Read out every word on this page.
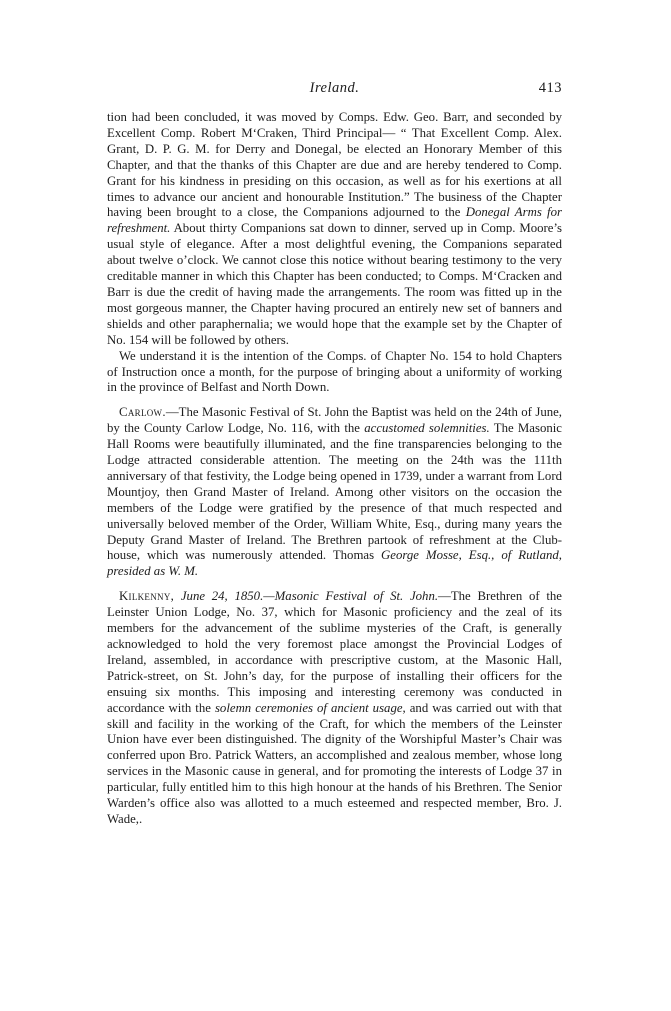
Ireland.	413

tion had been concluded, it was moved by Comps. Edw. Geo. Barr, and seconded by Excellent Comp. Robert M‘Craken, Third Principal— “ That Excellent Comp. Alex. Grant, D. P. G. M. for Derry and Donegal, be elected an Honorary Member of this Chapter, and that the thanks of this Chapter are due and are hereby tendered to Comp. Grant for his kindness in presiding on this occasion, as well as for his exertions at all times to advance our ancient and honourable Institution.” The business of the Chapter having been brought to a close, the Companions adjourned to the Donegal Arms for refreshment. About thirty Companions sat down to dinner, served up in Comp. Moore’s usual style of elegance. After a most delightful evening, the Companions separated about twelve o’clock. We cannot close this notice without bearing testimony to the very creditable manner in which this Chapter has been conducted; to Comps. M‘Cracken and Barr is due the credit of having made the arrangements. The room was fitted up in the most gorgeous manner, the Chapter having procured an entirely new set of banners and shields and other paraphernalia; we would hope that the example set by the Chapter of No. 154 will be followed by others.

We understand it is the intention of the Comps. of Chapter No. 154 to hold Chapters of Instruction once a month, for the purpose of bringing about a uniformity of working in the province of Belfast and North Down.

Carlow.—The Masonic Festival of St. John the Baptist was held on the 24th of June, by the County Carlow Lodge, No. 116, with the accustomed solemnities. The Masonic Hall Rooms were beautifully illuminated, and the fine transparencies belonging to the Lodge attracted considerable attention. The meeting on the 24th was the 111th anniversary of that festivity, the Lodge being opened in 1739, under a warrant from Lord Mountjoy, then Grand Master of Ireland. Among other visitors on the occasion the members of the Lodge were gratified by the presence of that much respected and universally beloved member of the Order, William White, Esq., during many years the Deputy Grand Master of Ireland. The Brethren partook of refreshment at the Club-house, which was numerously attended. Thomas George Mosse, Esq., of Rutland, presided as W. M.

Kilkenny, June 24, 1850.—Masonic Festival of St. John.—The Brethren of the Leinster Union Lodge, No. 37, which for Masonic proficiency and the zeal of its members for the advancement of the sublime mysteries of the Craft, is generally acknowledged to hold the very foremost place amongst the Provincial Lodges of Ireland, assembled, in accordance with prescriptive custom, at the Masonic Hall, Patrick-street, on St. John’s day, for the purpose of installing their officers for the ensuing six months. This imposing and interesting ceremony was conducted in accordance with the solemn ceremonies of ancient usage, and was carried out with that skill and facility in the working of the Craft, for which the members of the Leinster Union have ever been distinguished. The dignity of the Worshipful Master’s Chair was conferred upon Bro. Patrick Watters, an accomplished and zealous member, whose long services in the Masonic cause in general, and for promoting the interests of Lodge 37 in particular, fully entitled him to this high honour at the hands of his Brethren. The Senior Warden’s office also was allotted to a much esteemed and respected member, Bro. J. Wade,.
